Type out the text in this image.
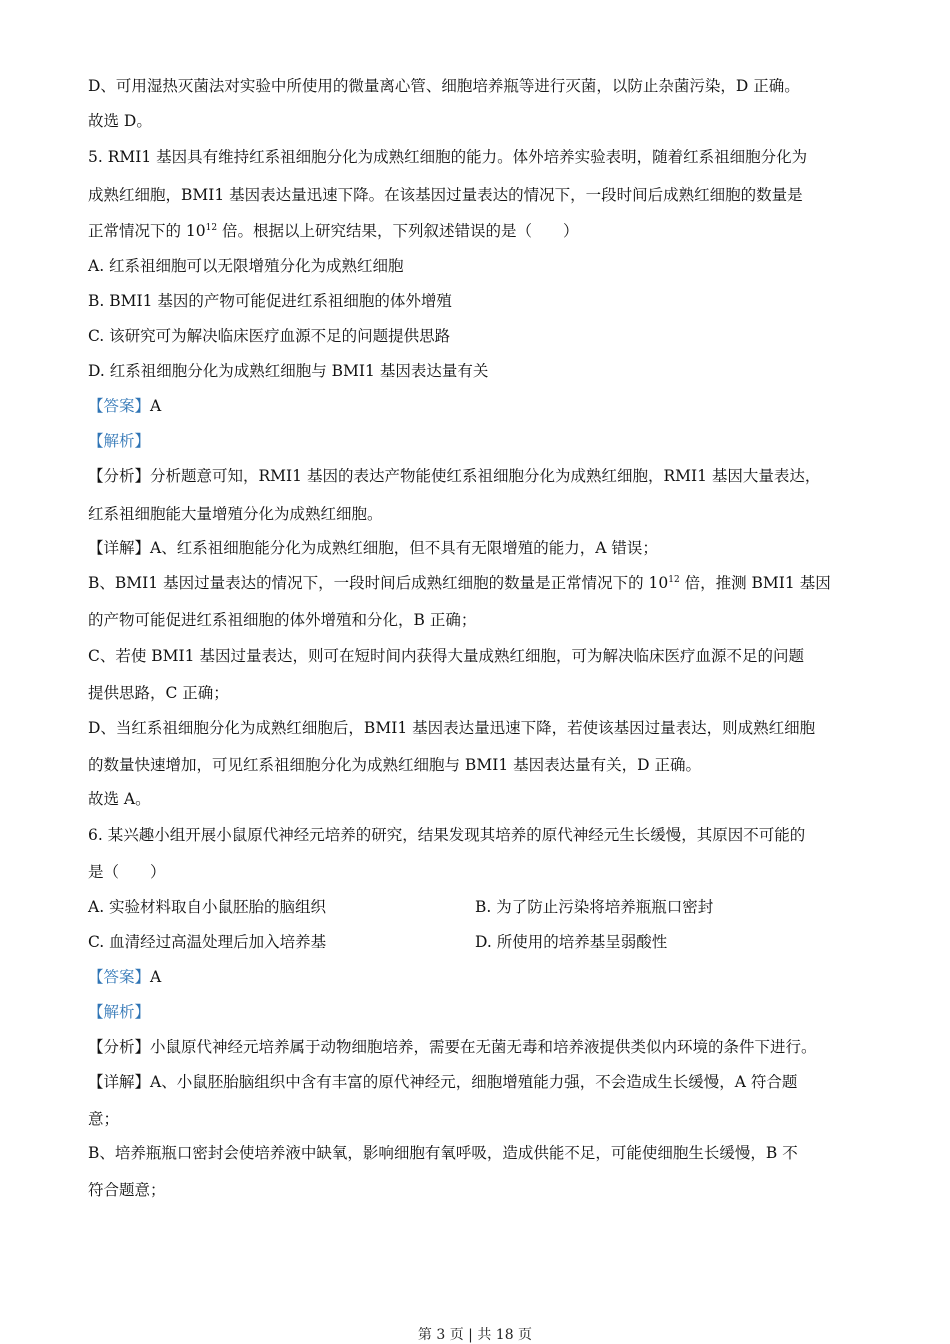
D、可用湿热灭菌法对实验中所使用的微量离心管、细胞培养瓶等进行灭菌，以防止杂菌污染，D 正确。
故选 D。
5. RMI1 基因具有维持红系祖细胞分化为成熟红细胞的能力。体外培养实验表明，随着红系祖细胞分化为
成熟红细胞，BMI1 基因表达量迅速下降。在该基因过量表达的情况下，一段时间后成熟红细胞的数量是
正常情况下的 $10^{12}$ 倍。根据以上研究结果，下列叙述错误的是（　　）
A. 红系祖细胞可以无限增殖分化为成熟红细胞
B. BMI1 基因的产物可能促进红系祖细胞的体外增殖
C. 该研究可为解决临床医疗血源不足的问题提供思路
D. 红系祖细胞分化为成熟红细胞与 BMI1 基因表达量有关
【答案】A
【解析】
【分析】分析题意可知，RMI1 基因的表达产物能使红系祖细胞分化为成熟红细胞，RMI1 基因大量表达，
红系祖细胞能大量增殖分化为成熟红细胞。
【详解】A、红系祖细胞能分化为成熟红细胞，但不具有无限增殖的能力，A 错误；
B、BMI1 基因过量表达的情况下，一段时间后成熟红细胞的数量是正常情况下的 $10^{12}$ 倍，推测 BMI1 基因
的产物可能促进红系祖细胞的体外增殖和分化，B 正确；
C、若使 BMI1 基因过量表达，则可在短时间内获得大量成熟红细胞，可为解决临床医疗血源不足的问题
提供思路，C 正确；
D、当红系祖细胞分化为成熟红细胞后，BMI1 基因表达量迅速下降，若使该基因过量表达，则成熟红细胞
的数量快速增加，可见红系祖细胞分化为成熟红细胞与 BMI1 基因表达量有关，D 正确。
故选 A。
6. 某兴趣小组开展小鼠原代神经元培养的研究，结果发现其培养的原代神经元生长缓慢，其原因不可能的
是（　　）
A. 实验材料取自小鼠胚胎的脑组织	B. 为了防止污染将培养瓶瓶口密封
C. 血清经过高温处理后加入培养基	D. 所使用的培养基呈弱酸性
【答案】A
【解析】
【分析】小鼠原代神经元培养属于动物细胞培养，需要在无菌无毒和培养液提供类似内环境的条件下进行。
【详解】A、小鼠胚胎脑组织中含有丰富的原代神经元，细胞增殖能力强，不会造成生长缓慢，A 符合题
意；
B、培养瓶瓶口密封会使培养液中缺氧，影响细胞有氧呼吸，造成供能不足，可能使细胞生长缓慢，B 不
符合题意；
第 3 页 | 共 18 页
